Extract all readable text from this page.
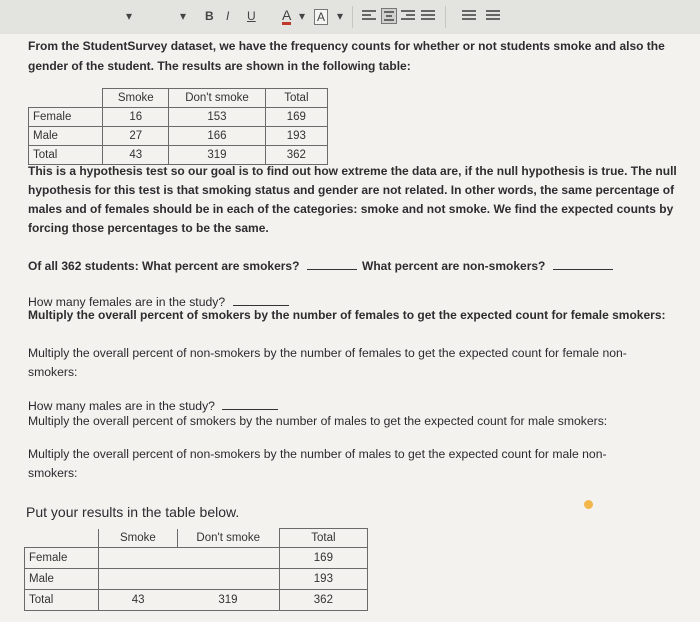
▾	▾ B I U A ▾ A ▾

From the StudentSurvey dataset, we have the frequency counts for whether or not students smoke and also the

gender of the student. The results are shown in the following table:

	Smoke	Don't smoke	Total
Female	16	153	169
Male	27	166	193
Total	43	319	362

This is a hypothesis test so our goal is to find out how extreme the data are, if the null hypothesis is true. The null

hypothesis for this test is that smoking status and gender are not related. In other words, the same percentage of

males and of females should be in each of the categories: smoke and not smoke. We find the expected counts by

forcing those percentages to be the same.

Of all 362 students: What percent are smokers?	What percent are non-smokers?

How many females are in the study?

Multiply the overall percent of smokers by the number of females to get the expected count for female smokers:

Multiply the overall percent of non-smokers by the number of females to get the expected count for female non-

smokers:

How many males are in the study?

Multiply the overall percent of smokers by the number of males to get the expected count for male smokers:

Multiply the overall percent of non-smokers by the number of males to get the expected count for male non-

smokers:

Put your results in the table below.

	Smoke	Don't smoke	Total
Female			169
Male			193
Total	43	319	362
